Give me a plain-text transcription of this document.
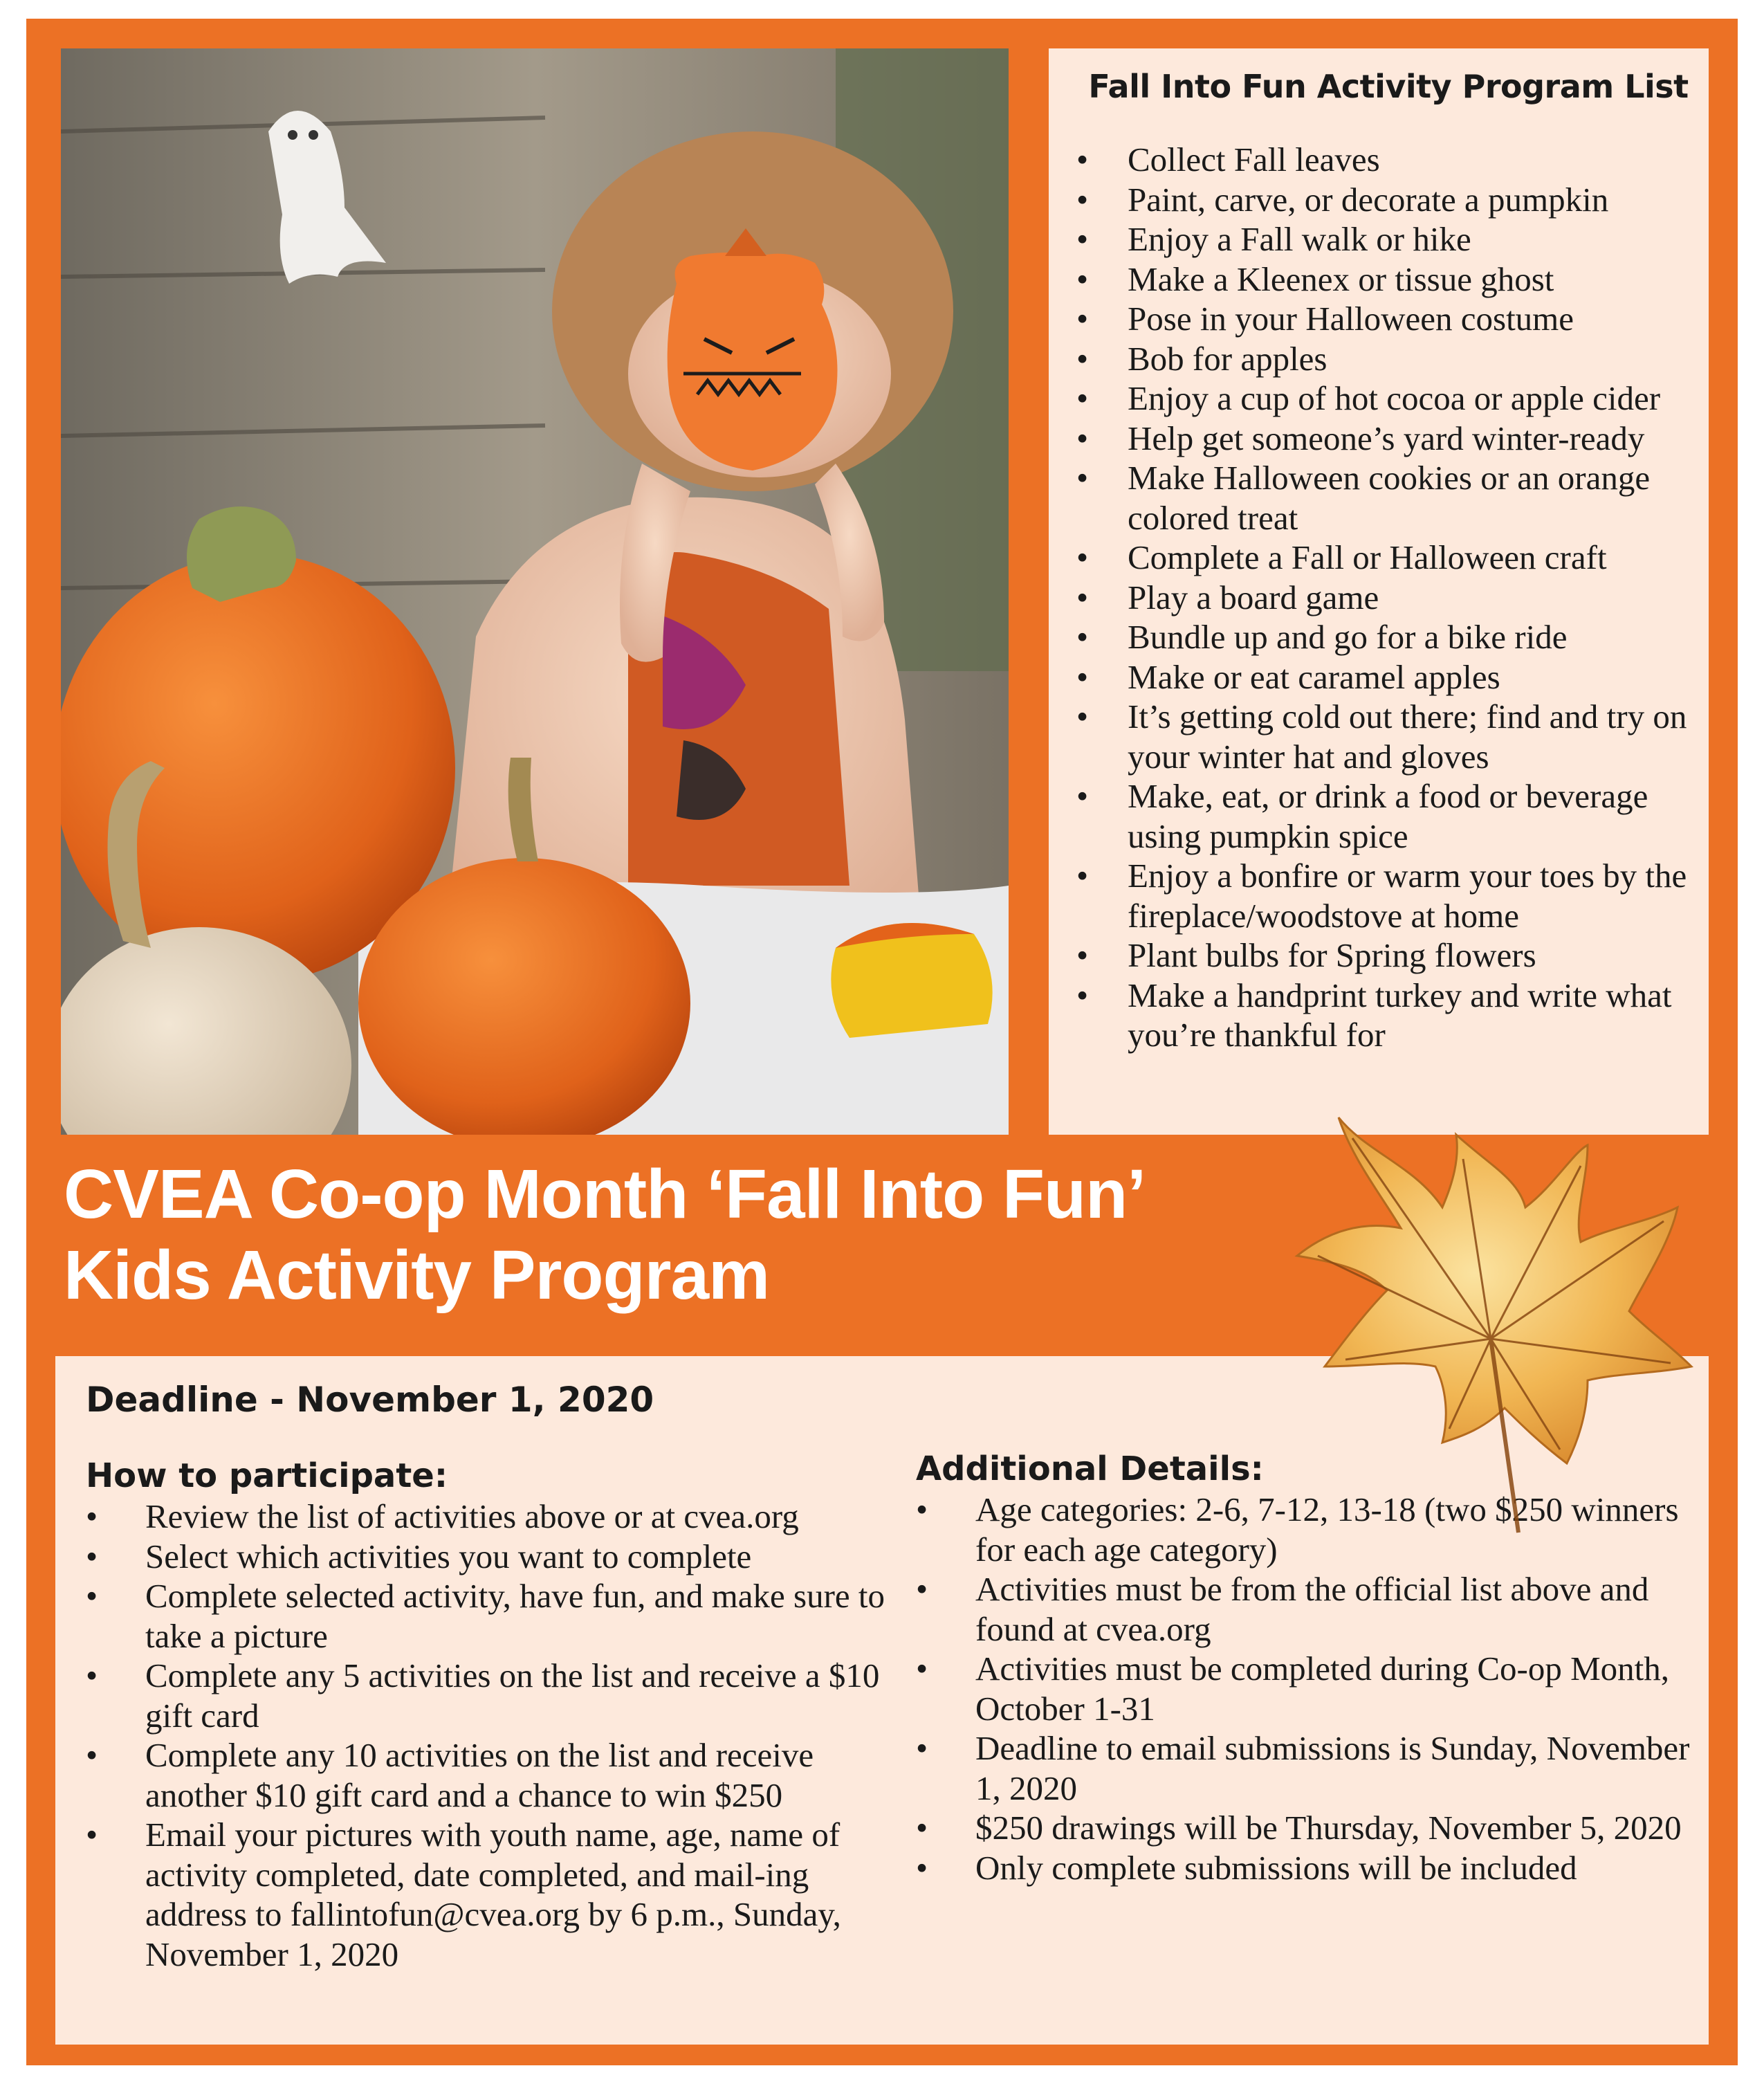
Fall Into Fun Activity Program List
• Collect Fall leaves
• Paint, carve, or decorate a pumpkin
• Enjoy a Fall walk or hike
• Make a Kleenex or tissue ghost
• Pose in your Halloween costume
• Bob for apples
• Enjoy a cup of hot cocoa or apple cider
• Help get someone’s yard winter-ready
• Make Halloween cookies or an orange colored treat
• Complete a Fall or Halloween craft
• Play a board game
• Bundle up and go for a bike ride
• Make or eat caramel apples
• It’s getting cold out there; find and try on your winter hat and gloves
• Make, eat, or drink a food or beverage using pumpkin spice
• Enjoy a bonfire or warm your toes by the fireplace/woodstove at home
• Plant bulbs for Spring flowers
• Make a handprint turkey and write what you’re thankful for
CVEA Co-op Month ‘Fall Into Fun’
Kids Activity Program
Deadline - November 1, 2020
How to participate:
• Review the list of activities above or at cvea.org
• Select which activities you want to complete
• Complete selected activity, have fun, and make sure to take a picture
• Complete any 5 activities on the list and receive a $10 gift card
• Complete any 10 activities on the list and receive another $10 gift card and a chance to win $250
• Email your pictures with youth name, age, name of activity completed, date completed, and mail-ing address to fallintofun@cvea.org by 6 p.m., Sunday, November 1, 2020
Additional Details:
• Age categories: 2-6, 7-12, 13-18 (two $250 winners for each age category)
• Activities must be from the official list above and found at cvea.org
• Activities must be completed during Co-op Month, October 1-31
• Deadline to email submissions is Sunday, November 1, 2020
• $250 drawings will be Thursday, November 5, 2020
• Only complete submissions will be included
